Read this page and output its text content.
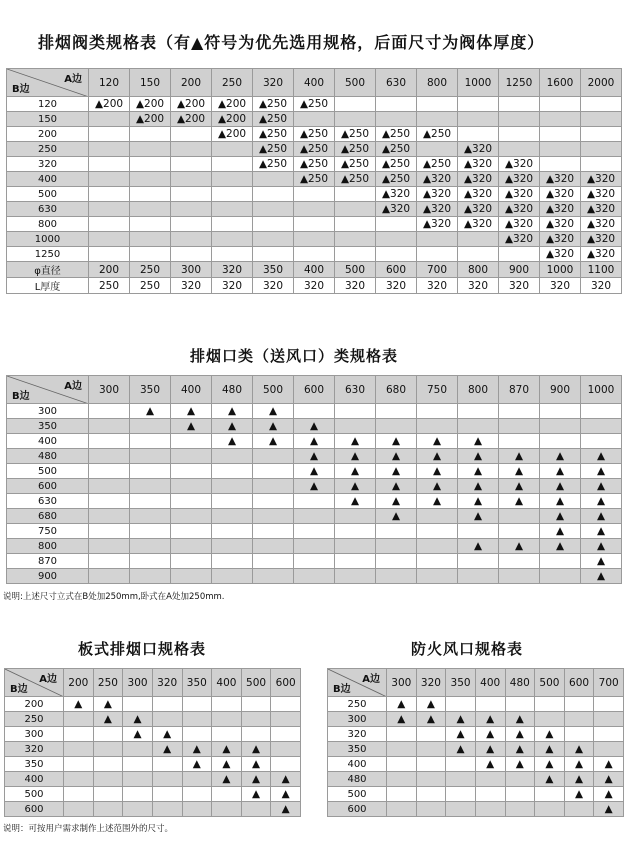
排烟阀类规格表（有▲符号为优先选用规格，后面尺寸为阀体厚度）
A边
B边	120	150	200	250	320	400	500	630	800	1000	1250	1600	2000
120	▲200	▲200	▲200	▲200	▲250	▲250							
150		▲200	▲200	▲200	▲250								
200				▲200	▲250	▲250	▲250	▲250	▲250				
250					▲250	▲250	▲250	▲250		▲320			
320					▲250	▲250	▲250	▲250	▲250	▲320	▲320		
400						▲250	▲250	▲250	▲320	▲320	▲320	▲320	▲320
500								▲320	▲320	▲320	▲320	▲320	▲320
630								▲320	▲320	▲320	▲320	▲320	▲320
800									▲320	▲320	▲320	▲320	▲320
1000											▲320	▲320	▲320
1250												▲320	▲320
φ直径	200	250	300	320	350	400	500	600	700	800	900	1000	1100
L厚度	250	250	320	320	320	320	320	320	320	320	320	320	320
排烟口类（送风口）类规格表
A边
B边	300	350	400	480	500	600	630	680	750	800	870	900	1000
300		▲	▲	▲	▲								
350			▲	▲	▲	▲							
400				▲	▲	▲	▲	▲	▲	▲			
480						▲	▲	▲	▲	▲	▲	▲	▲
500						▲	▲	▲	▲	▲	▲	▲	▲
600						▲	▲	▲	▲	▲	▲	▲	▲
630							▲	▲	▲	▲	▲	▲	▲
680								▲		▲		▲	▲
750												▲	▲
800										▲	▲	▲	▲
870													▲
900													▲
说明:上述尺寸立式在B处加250mm,卧式在A处加250mm.
板式排烟口规格表
A边
B边	200	250	300	320	350	400	500	600
200	▲	▲						
250		▲	▲					
300			▲	▲				
320				▲	▲	▲	▲	
350					▲	▲	▲	
400						▲	▲	▲
500							▲	▲
600								▲
防火风口规格表
A边
B边	300	320	350	400	480	500	600	700
250	▲	▲						
300	▲	▲	▲	▲	▲			
320			▲	▲	▲	▲		
350			▲	▲	▲	▲	▲	
400				▲	▲	▲	▲	▲
480						▲	▲	▲
500							▲	▲
600								▲
说明：可按用户需求制作上述范围外的尺寸。
